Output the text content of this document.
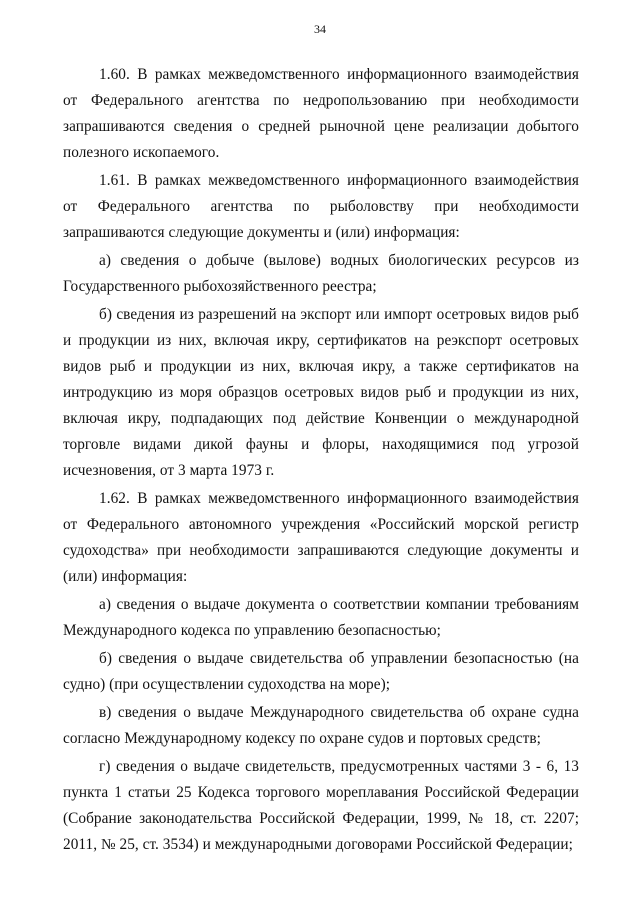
34

1.60. В рамках межведомственного информационного взаимодействия от Федерального агентства по недропользованию при необходимости запрашиваются сведения о средней рыночной цене реализации добытого полезного ископаемого.

1.61. В рамках межведомственного информационного взаимодействия от Федерального агентства по рыболовству при необходимости запрашиваются следующие документы и (или) информация:

а) сведения о добыче (вылове) водных биологических ресурсов из Государственного рыбохозяйственного реестра;

б) сведения из разрешений на экспорт или импорт осетровых видов рыб и продукции из них, включая икру, сертификатов на реэкспорт осетровых видов рыб и продукции из них, включая икру, а также сертификатов на интродукцию из моря образцов осетровых видов рыб и продукции из них, включая икру, подпадающих под действие Конвенции о международной торговле видами дикой фауны и флоры, находящимися под угрозой исчезновения, от 3 марта 1973 г.

1.62. В рамках межведомственного информационного взаимодействия от Федерального автономного учреждения «Российский морской регистр судоходства» при необходимости запрашиваются следующие документы и (или) информация:

а) сведения о выдаче документа о соответствии компании требованиям Международного кодекса по управлению безопасностью;

б) сведения о выдаче свидетельства об управлении безопасностью (на судно) (при осуществлении судоходства на море);

в) сведения о выдаче Международного свидетельства об охране судна согласно Международному кодексу по охране судов и портовых средств;

г) сведения о выдаче свидетельств, предусмотренных частями 3 - 6, 13 пункта 1 статьи 25 Кодекса торгового мореплавания Российской Федерации (Собрание законодательства Российской Федерации, 1999, № 18, ст. 2207; 2011, № 25, ст. 3534) и международными договорами Российской Федерации;
